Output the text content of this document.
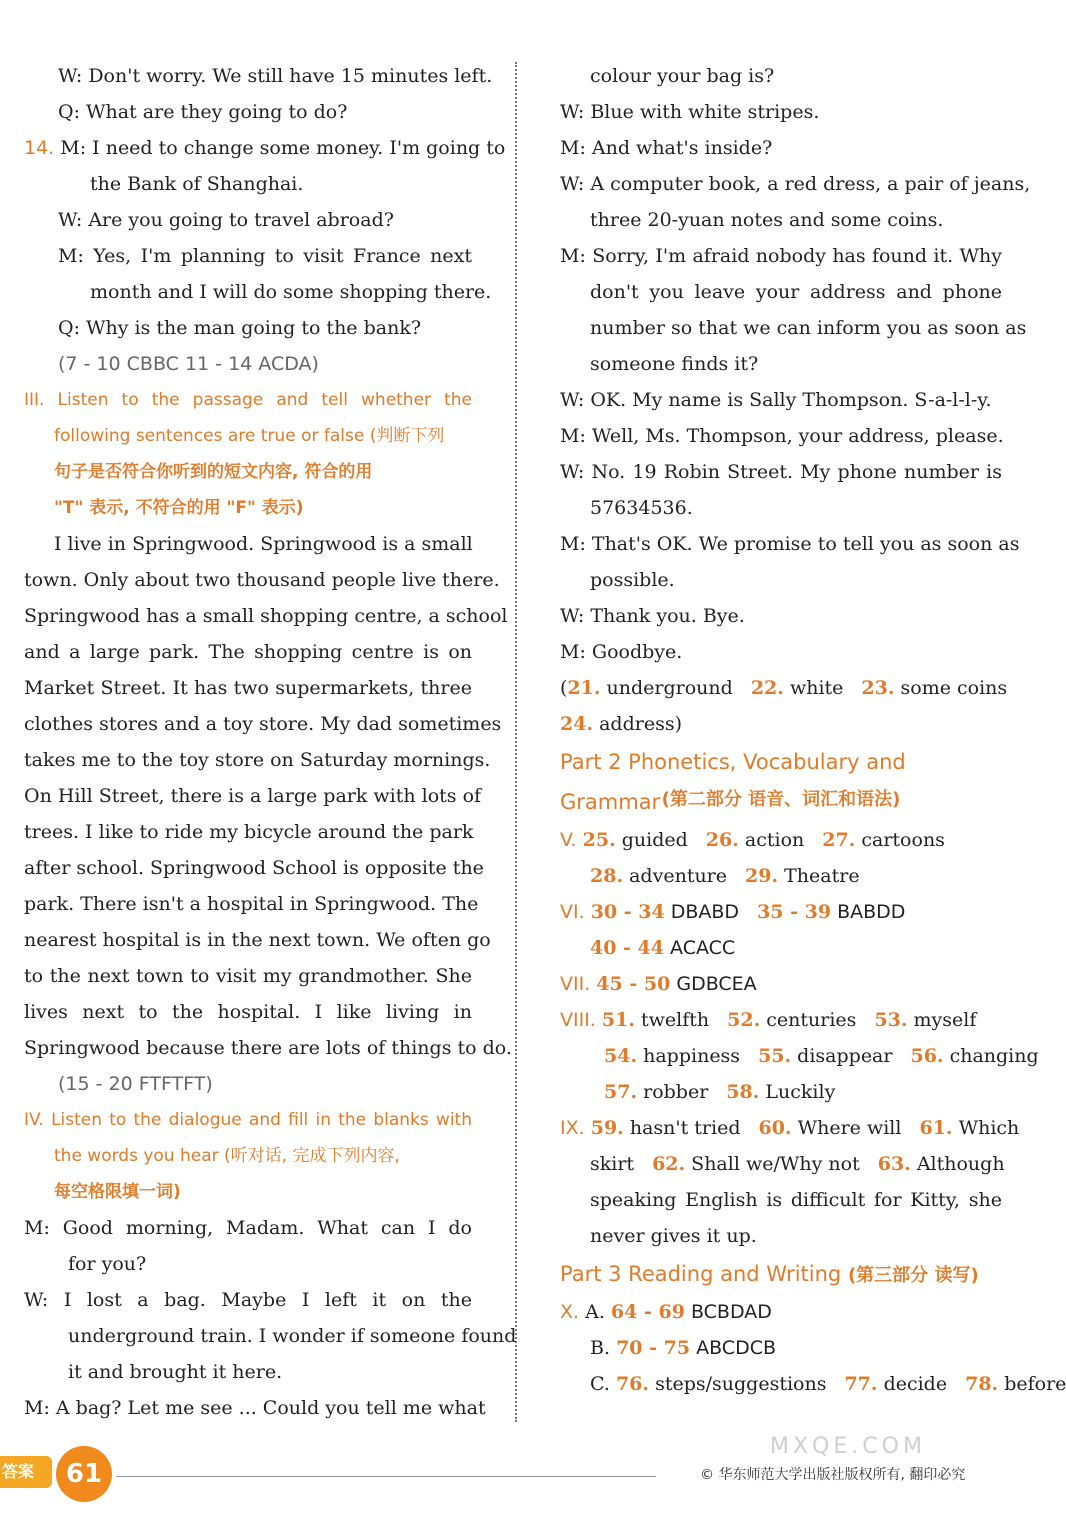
W: Don't worry. We still have 15 minutes left.
Q: What are they going to do?
14. M: I need to change some money. I'm going to
the Bank of Shanghai.
W: Are you going to travel abroad?
M: Yes, I'm planning to visit France next
month and I will do some shopping there.
Q: Why is the man going to the bank?
(7 - 10 CBBC 11 - 14 ACDA)
III. Listen to the passage and tell whether the
following sentences are true or false (判断下列
句子是否符合你听到的短文内容, 符合的用
"T" 表示, 不符合的用 "F" 表示)
I live in Springwood. Springwood is a small
town. Only about two thousand people live there.
Springwood has a small shopping centre, a school
and a large park. The shopping centre is on
Market Street. It has two supermarkets, three
clothes stores and a toy store. My dad sometimes
takes me to the toy store on Saturday mornings.
On Hill Street, there is a large park with lots of
trees. I like to ride my bicycle around the park
after school. Springwood School is opposite the
park. There isn't a hospital in Springwood. The
nearest hospital is in the next town. We often go
to the next town to visit my grandmother. She
lives next to the hospital. I like living in
Springwood because there are lots of things to do.
(15 - 20 FTFTFT)
IV. Listen to the dialogue and fill in the blanks with
the words you hear (听对话, 完成下列内容,
每空格限填一词)
M: Good morning, Madam. What can I do
for you?
W: I lost a bag. Maybe I left it on the
underground train. I wonder if someone found
it and brought it here.
M: A bag? Let me see ... Could you tell me what
colour your bag is?
W: Blue with white stripes.
M: And what's inside?
W: A computer book, a red dress, a pair of jeans,
three 20-yuan notes and some coins.
M: Sorry, I'm afraid nobody has found it. Why
don't you leave your address and phone
number so that we can inform you as soon as
someone finds it?
W: OK. My name is Sally Thompson. S-a-l-l-y.
M: Well, Ms. Thompson, your address, please.
W: No. 19 Robin Street. My phone number is
57634536.
M: That's OK. We promise to tell you as soon as
possible.
W: Thank you. Bye.
M: Goodbye.
(21. underground 22. white 23. some coins
24. address)
Part 2 Phonetics, Vocabulary and Grammar (第二部分 语音、词汇和语法)
V. 25. guided 26. action 27. cartoons
28. adventure 29. Theatre
VI. 30 - 34 DBABD 35 - 39 BABDD
40 - 44 ACACC
VII. 45 - 50 GDBCEA
VIII. 51. twelfth 52. centuries 53. myself
54. happiness 55. disappear 56. changing
57. robber 58. Luckily
IX. 59. hasn't tried 60. Where will 61. Which
skirt 62. Shall we/Why not 63. Although
speaking English is difficult for Kitty, she
never gives it up.
Part 3 Reading and Writing (第三部分 读写)
X. A. 64 - 69 BCBDAD
B. 70 - 75 ABCDCB
C. 76. steps/suggestions 77. decide 78. before
答案	61	© 华东师范大学出版社版权所有, 翻印必究
MXQE.COM
